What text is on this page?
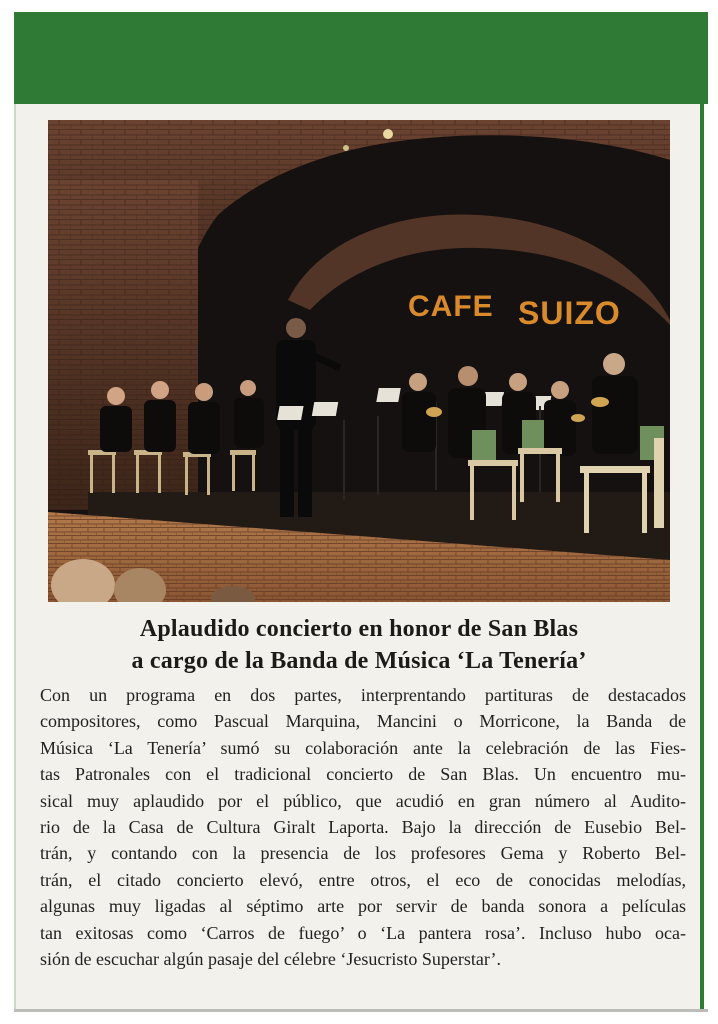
CAFE SUIZO
Aplaudido concierto en honor de San Blas
a cargo de la Banda de Música ‘La Tenería’
Con un programa en dos partes, interprentando partituras de destacados
compositores, como Pascual Marquina, Mancini o Morricone, la Banda de
Música ‘La Tenería’ sumó su colaboración ante la celebración de las Fies-
tas Patronales con el tradicional concierto de San Blas. Un encuentro mu-
sical muy aplaudido por el público, que acudió en gran número al Audito-
rio de la Casa de Cultura Giralt Laporta. Bajo la dirección de Eusebio Bel-
trán, y contando con la presencia de los profesores Gema y Roberto Bel-
trán, el citado concierto elevó, entre otros, el eco de conocidas melodías,
algunas muy ligadas al séptimo arte por servir de banda sonora a películas
tan exitosas como ‘Carros de fuego’ o ‘La pantera rosa’. Incluso hubo oca-
sión de escuchar algún pasaje del célebre ‘Jesucristo Superstar’.
